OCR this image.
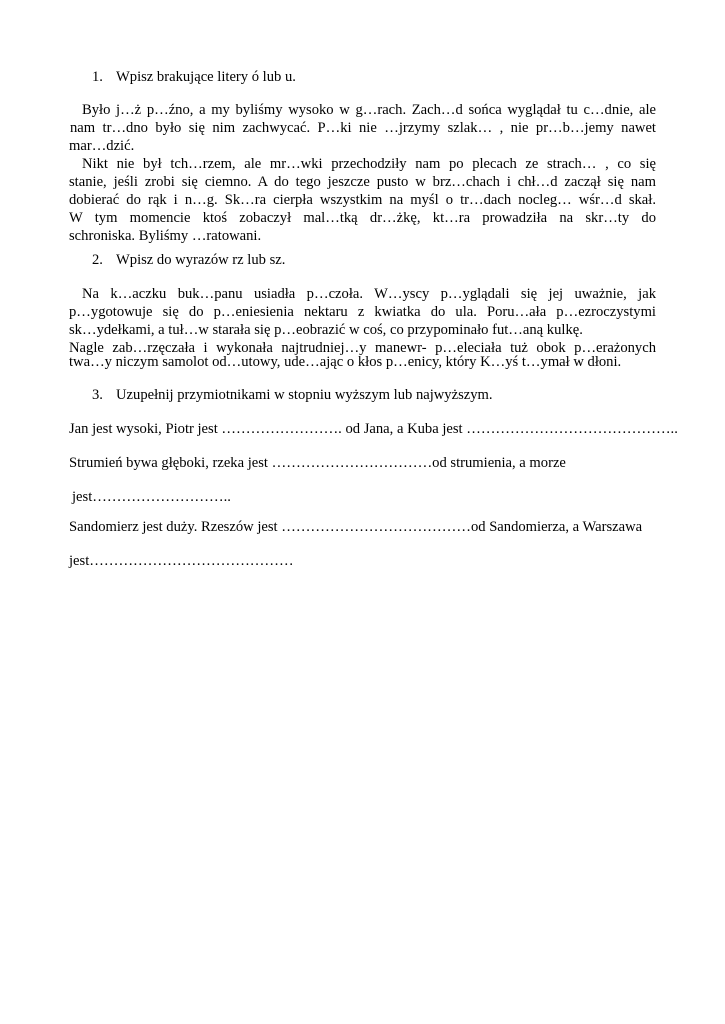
1. Wpisz brakujące litery ó lub u.
Było j…ż p…źno, a my byliśmy wysoko w g…rach. Zach…d sońca wyglądał tu c…dnie, ale
nam tr…dno było się nim zachwycać. P…ki nie …jrzymy szlak… , nie pr…b…jemy nawet
mar…dzić.
Nikt nie był tch…rzem, ale mr…wki przechodziły nam po plecach ze strach… , co się
stanie, jeśli zrobi się ciemno. A do tego jeszcze pusto w brz…chach i chł…d zaczął się nam
dobierać do rąk i n…g. Sk…ra cierpła wszystkim na myśl o tr…dach nocleg… wśr…d skał.
W tym momencie ktoś zobaczył mal…tką dr…żkę, kt…ra prowadziła na skr…ty do
schroniska. Byliśmy …ratowani.
2. Wpisz do wyrazów rz lub sz.
Na k…aczku buk…panu usiadła p…czoła. W…yscy p…yglądali się jej uważnie, jak
p…ygotowuje się do p…eniesienia nektaru z kwiatka do ula. Poru…ała p…ezroczystymi
sk…ydełkami, a tuł…w starała się p…eobrazić w coś, co przypominało fut…aną kulkę.
Nagle zab…rzęczała i wykonała najtrudniej…y manewr- p…eleciała tuż obok p…erażonych
twa…y niczym samolot od…utowy, ude…ając o kłos p…enicy, który K…yś t…ymał w dłoni.
3. Uzupełnij przymiotnikami w stopniu wyższym lub najwyższym.
Jan jest wysoki, Piotr jest ……………………. od Jana, a Kuba jest ……………………………………..
Strumień bywa głęboki, rzeka jest ……………………………od strumienia, a morze
jest………………………..
Sandomierz jest duży. Rzeszów jest …………………………………od Sandomierza, a Warszawa
jest……………………………………
